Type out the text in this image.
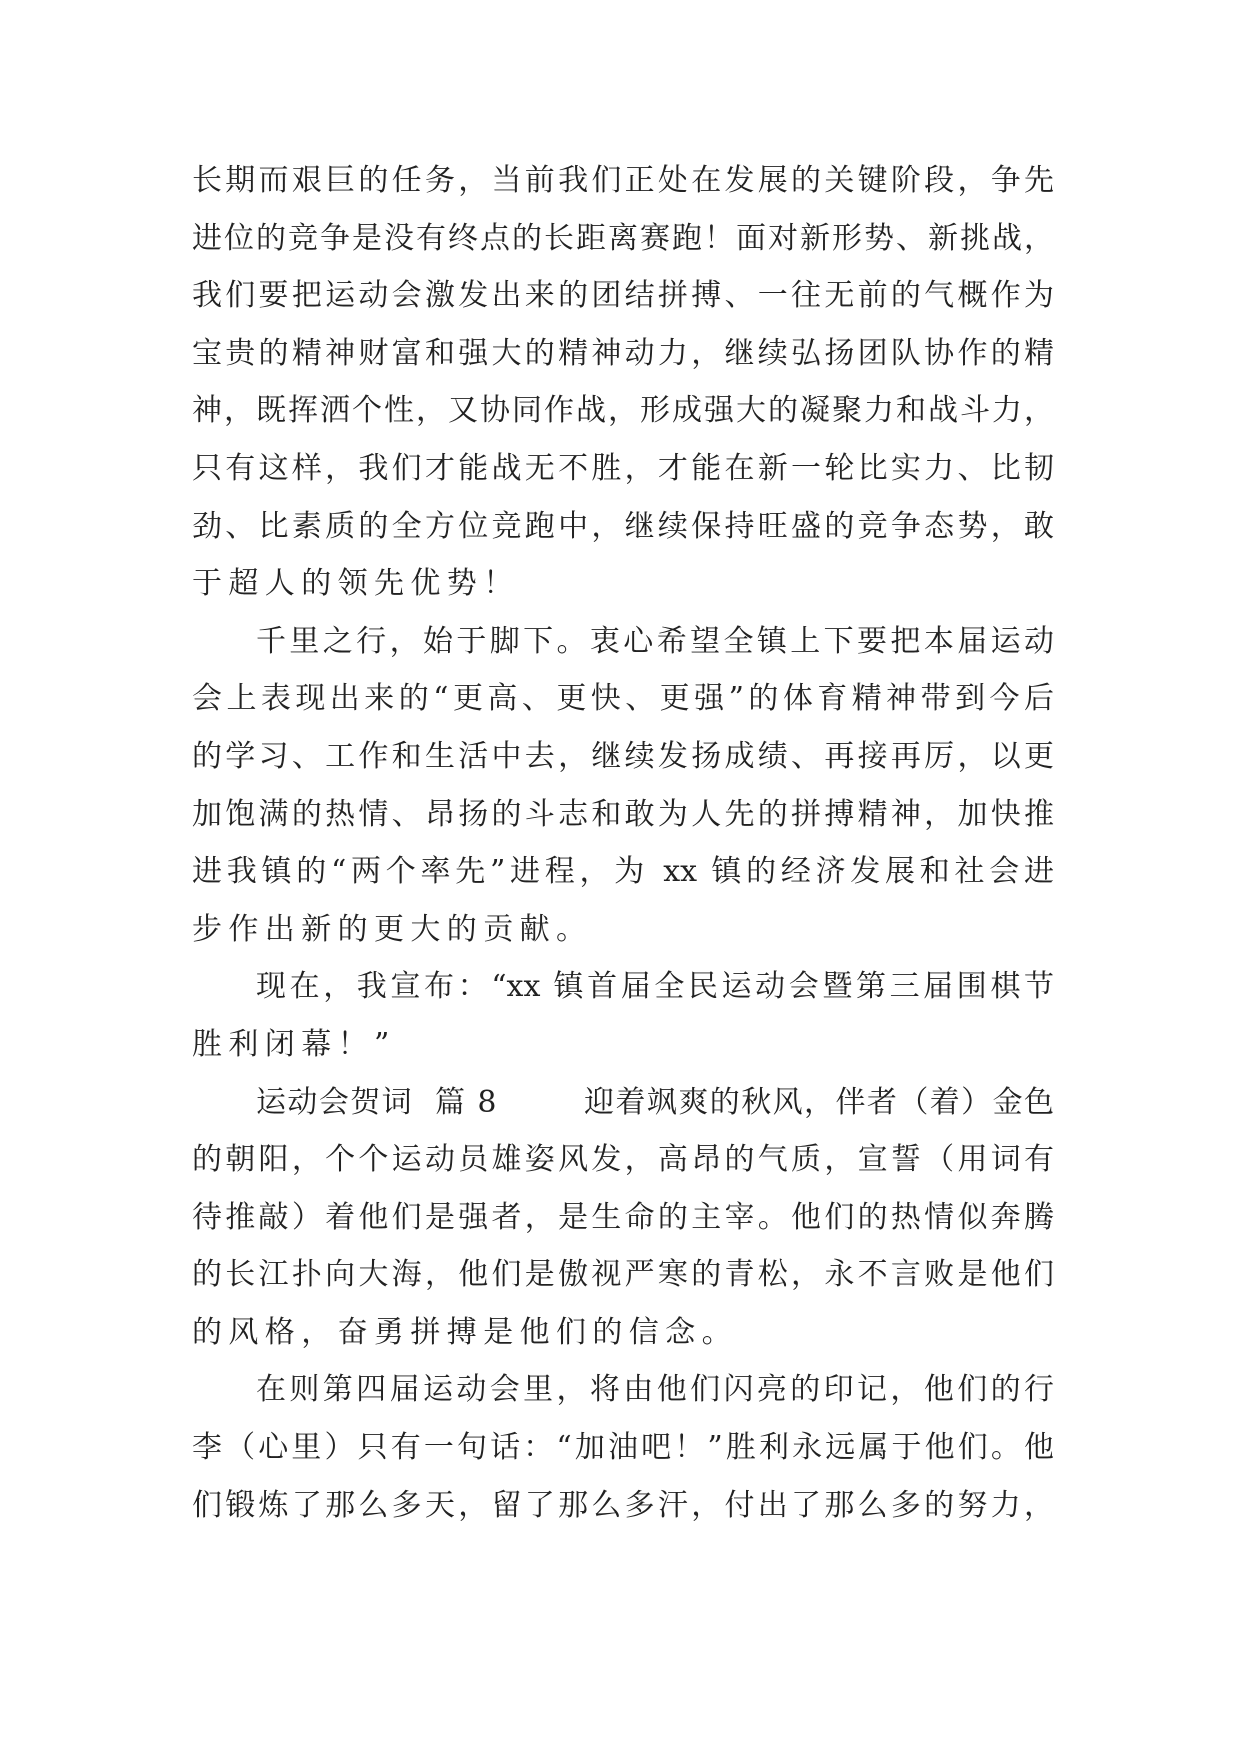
长期而艰巨的任务，当前我们正处在发展的关键阶段，争先
进位的竞争是没有终点的长距离赛跑！面对新形势、新挑战，
我们要把运动会激发出来的团结拼搏、一往无前的气概作为
宝贵的精神财富和强大的精神动力，继续弘扬团队协作的精
神，既挥洒个性，又协同作战，形成强大的凝聚力和战斗力，
只有这样，我们才能战无不胜，才能在新一轮比实力、比韧
劲、比素质的全方位竞跑中，继续保持旺盛的竞争态势，敢
于超人的领先优势！
千里之行，始于脚下。衷心希望全镇上下要把本届运动
会上表现出来的“更高、更快、更强”的体育精神带到今后
的学习、工作和生活中去，继续发扬成绩、再接再厉，以更
加饱满的热情、昂扬的斗志和敢为人先的拼搏精神，加快推
进我镇的“两个率先”进程，为 xx 镇的经济发展和社会进
步作出新的更大的贡献。
现在，我宣布：“xx 镇首届全民运动会暨第三届围棋节
胜利闭幕！”
运动会贺词  篇 8        迎着飒爽的秋风，伴者（着）金色
的朝阳，个个运动员雄姿风发，高昂的气质，宣誓（用词有
待推敲）着他们是强者，是生命的主宰。他们的热情似奔腾
的长江扑向大海，他们是傲视严寒的青松，永不言败是他们
的风格，奋勇拼搏是他们的信念。
在则第四届运动会里，将由他们闪亮的印记，他们的行
李（心里）只有一句话：“加油吧！”胜利永远属于他们。他
们锻炼了那么多天，留了那么多汗，付出了那么多的努力，
